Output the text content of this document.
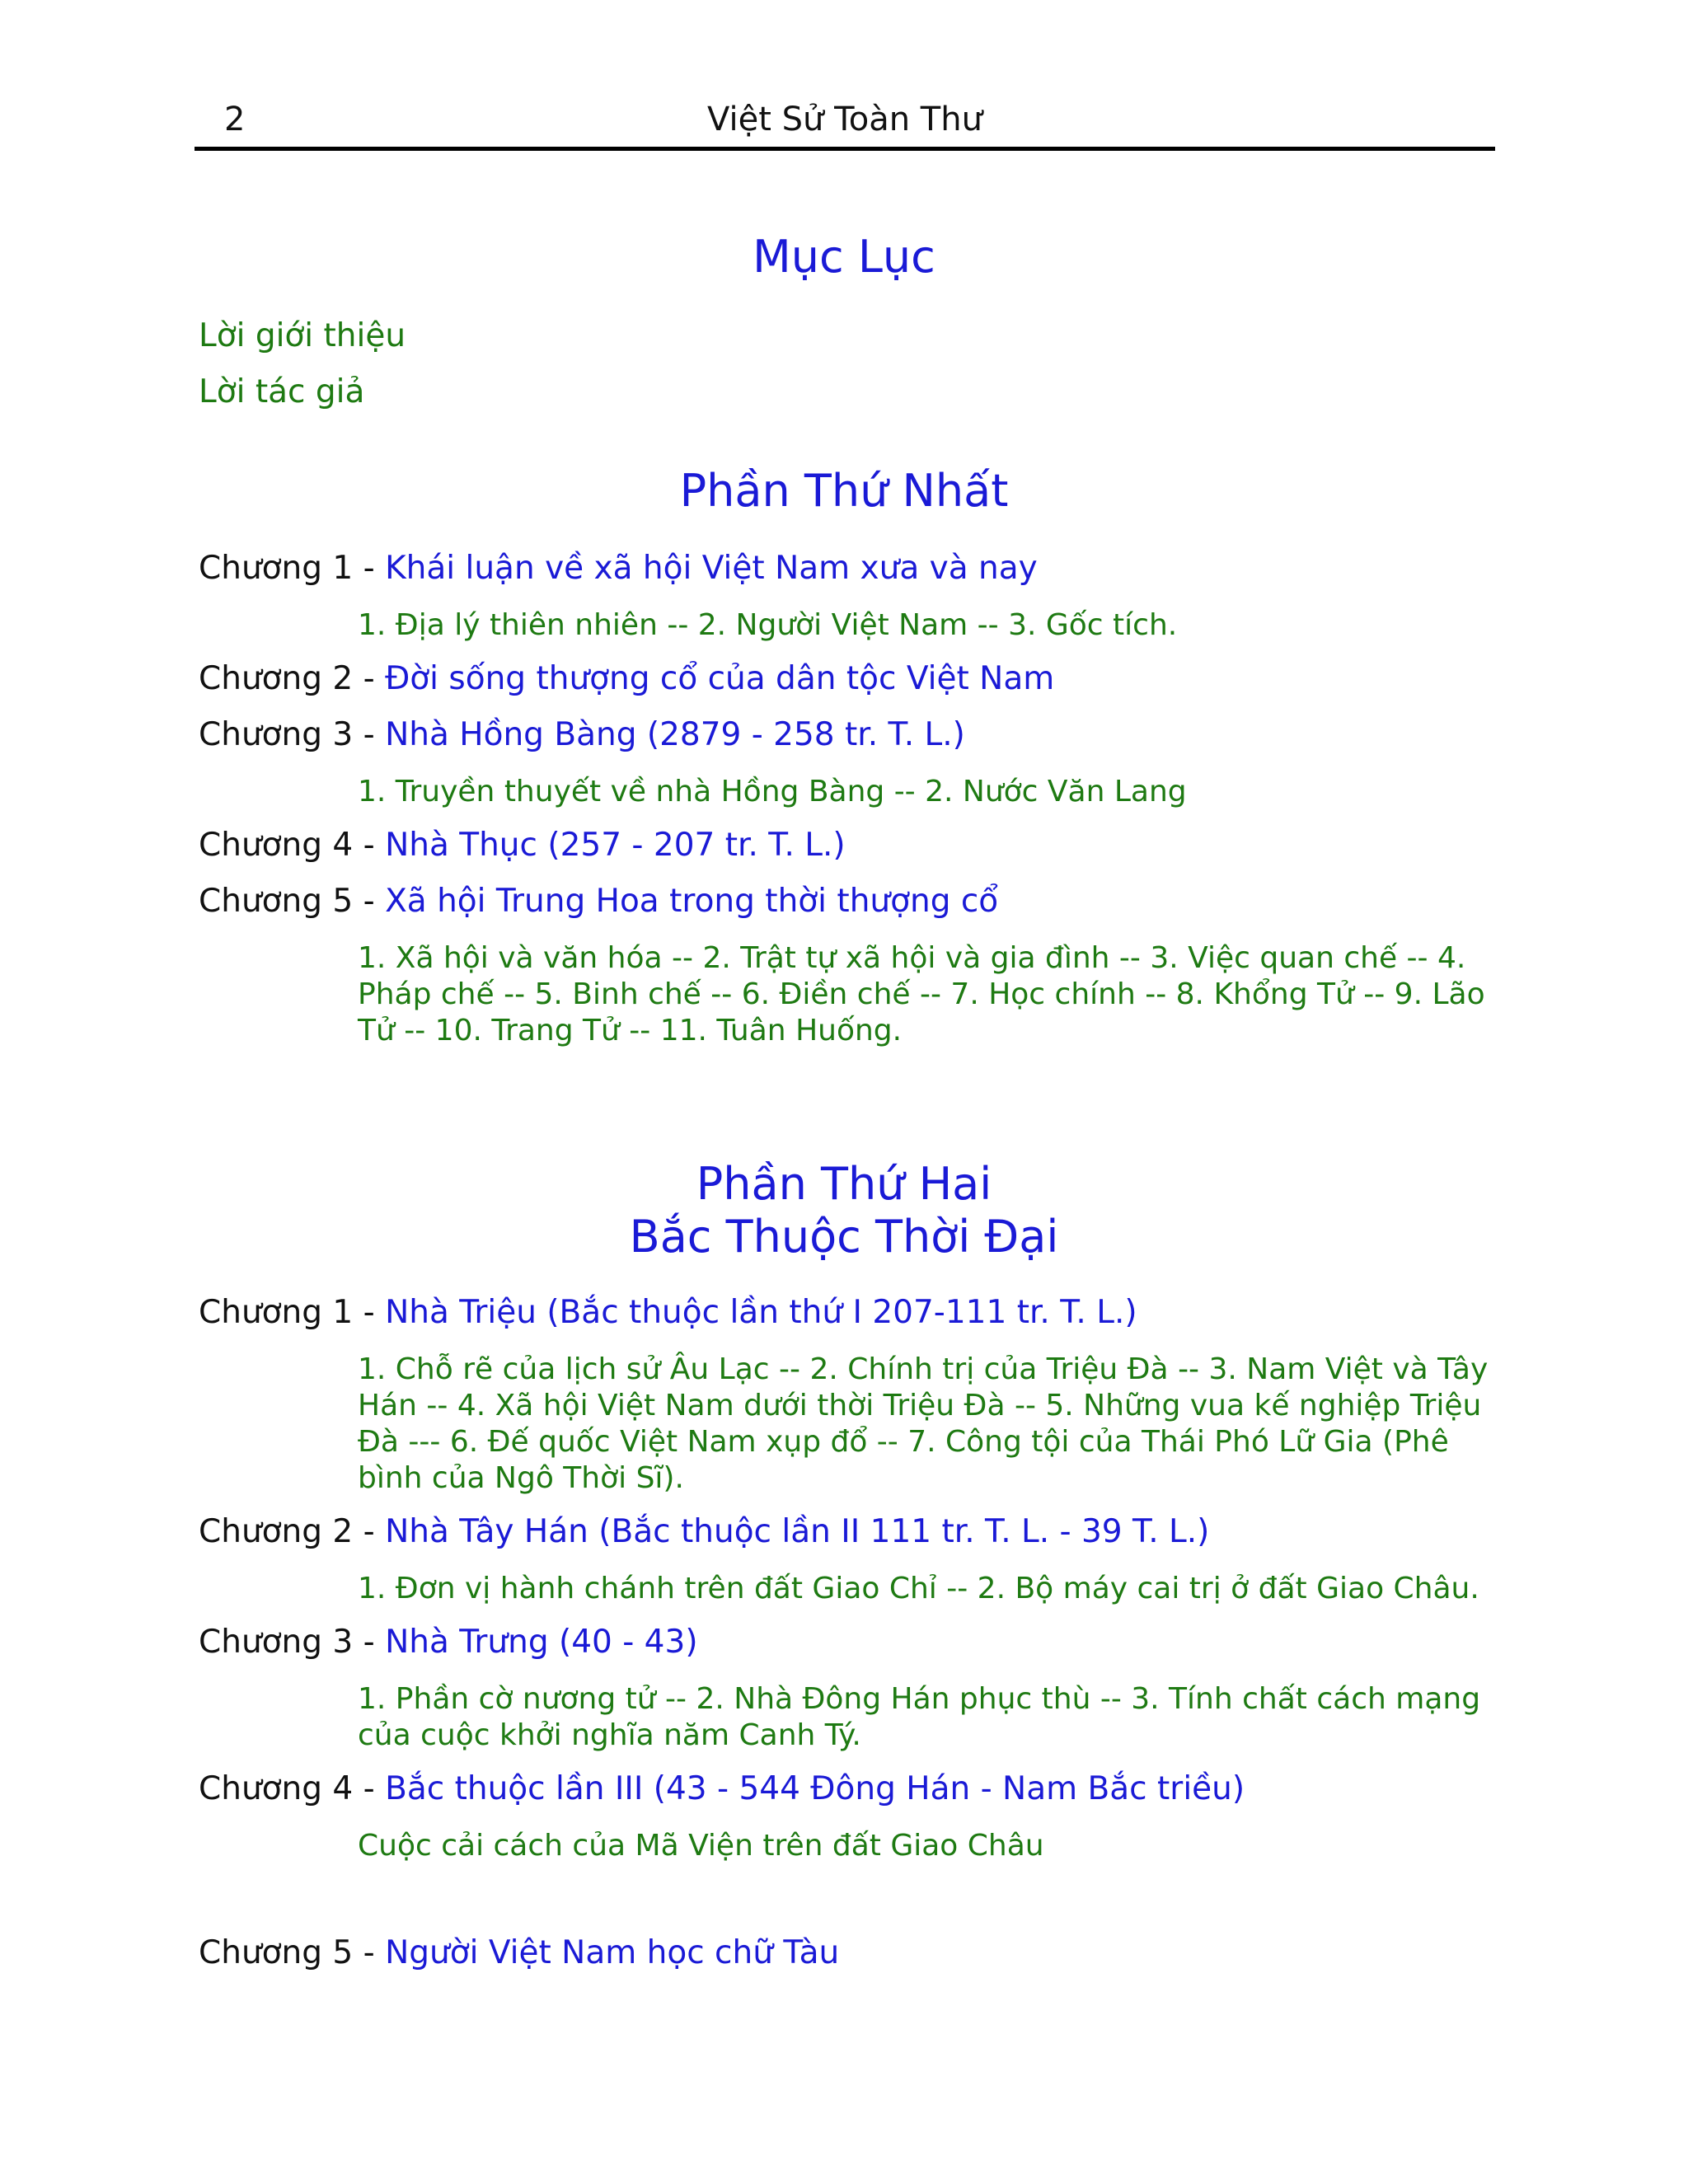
2	Việt Sử Toàn Thư
Mục Lục
Lời giới thiệu
Lời tác giả
Phần Thứ Nhất
Chương 1 - Khái luận về xã hội Việt Nam xưa và nay
1. Địa lý thiên nhiên -- 2. Người Việt Nam -- 3. Gốc tích.
Chương 2 - Đời sống thượng cổ của dân tộc Việt Nam
Chương 3 - Nhà Hồng Bàng (2879 - 258 tr. T. L.)
1. Truyền thuyết về nhà Hồng Bàng -- 2. Nước Văn Lang
Chương 4 - Nhà Thục (257 - 207 tr. T. L.)
Chương 5 - Xã hội Trung Hoa trong thời thượng cổ
1. Xã hội và văn hóa -- 2. Trật tự xã hội và gia đình -- 3. Việc quan chế -- 4. Pháp chế -- 5. Binh chế -- 6. Điền chế -- 7. Học chính -- 8. Khổng Tử -- 9. Lão Tử -- 10. Trang Tử -- 11. Tuân Huống.
Phần Thứ Hai
Bắc Thuộc Thời Đại
Chương 1 - Nhà Triệu (Bắc thuộc lần thứ I 207-111 tr. T. L.)
1. Chỗ rẽ của lịch sử Âu Lạc -- 2. Chính trị của Triệu Đà -- 3. Nam Việt và Tây Hán -- 4. Xã hội Việt Nam dưới thời Triệu Đà -- 5. Những vua kế nghiệp Triệu Đà --- 6. Đế quốc Việt Nam xụp đổ -- 7. Công tội của Thái Phó Lữ Gia (Phê bình của Ngô Thời Sĩ).
Chương 2 - Nhà Tây Hán (Bắc thuộc lần II 111 tr. T. L. - 39 T. L.)
1. Đơn vị hành chánh trên đất Giao Chỉ -- 2. Bộ máy cai trị ở đất Giao Châu.
Chương 3 - Nhà Trưng (40 - 43)
1. Phần cờ nương tử -- 2. Nhà Đông Hán phục thù -- 3. Tính chất cách mạng của cuộc khởi nghĩa năm Canh Tý.
Chương 4 - Bắc thuộc lần III (43 - 544 Đông Hán - Nam Bắc triều)
Cuộc cải cách của Mã Viện trên đất Giao Châu
Chương 5 - Người Việt Nam học chữ Tàu
